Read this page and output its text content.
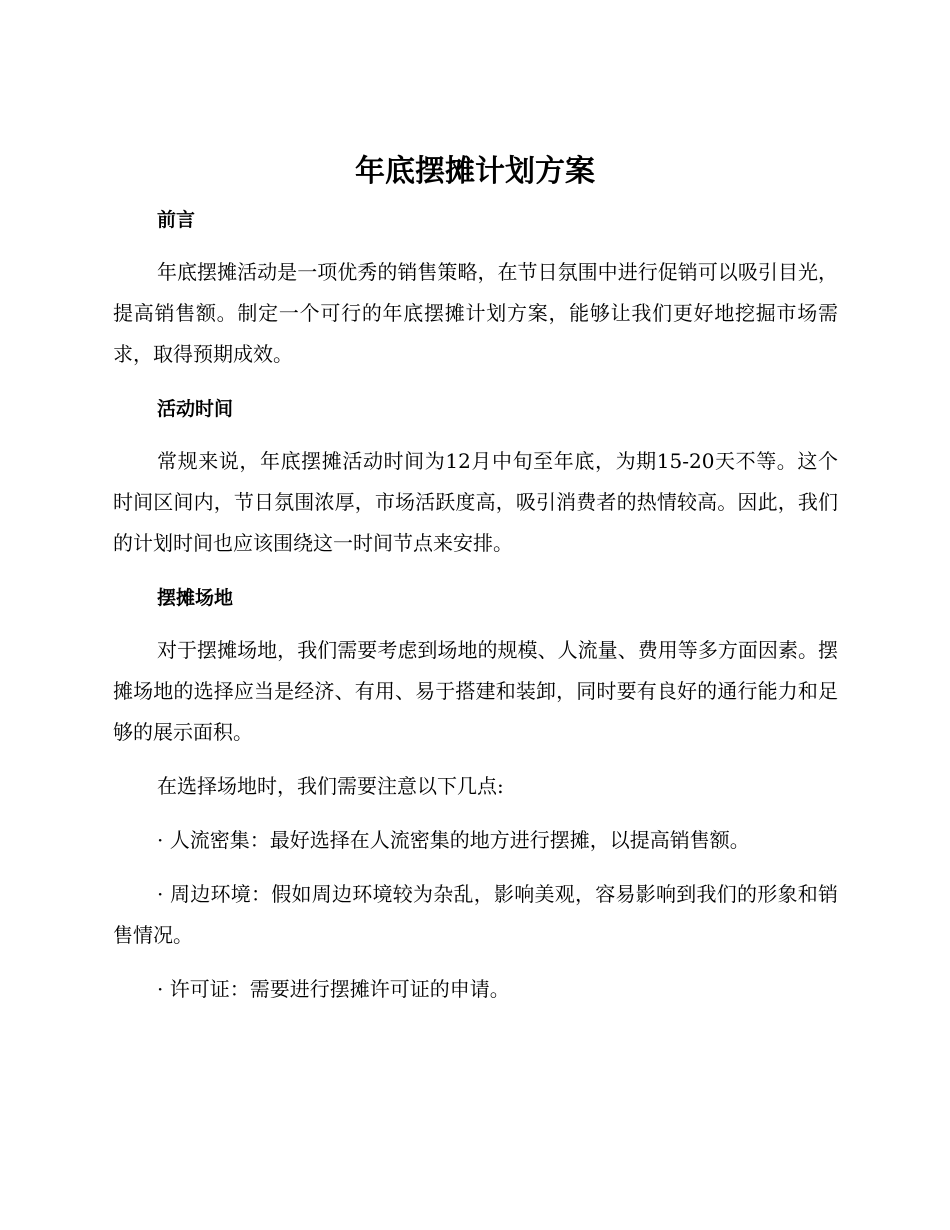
年底摆摊计划方案
前言

年底摆摊活动是一项优秀的销售策略，在节日氛围中进行促销可以吸引目光，提高销售额。制定一个可行的年底摆摊计划方案，能够让我们更好地挖掘市场需求，取得预期成效。

活动时间

常规来说，年底摆摊活动时间为12月中旬至年底，为期15-20天不等。这个时间区间内，节日氛围浓厚，市场活跃度高，吸引消费者的热情较高。因此，我们的计划时间也应该围绕这一时间节点来安排。

摆摊场地

对于摆摊场地，我们需要考虑到场地的规模、人流量、费用等多方面因素。摆摊场地的选择应当是经济、有用、易于搭建和装卸，同时要有良好的通行能力和足够的展示面积。

在选择场地时，我们需要注意以下几点:

· 人流密集：最好选择在人流密集的地方进行摆摊，以提高销售额。

· 周边环境：假如周边环境较为杂乱，影响美观，容易影响到我们的形象和销售情况。

· 许可证：需要进行摆摊许可证的申请。
